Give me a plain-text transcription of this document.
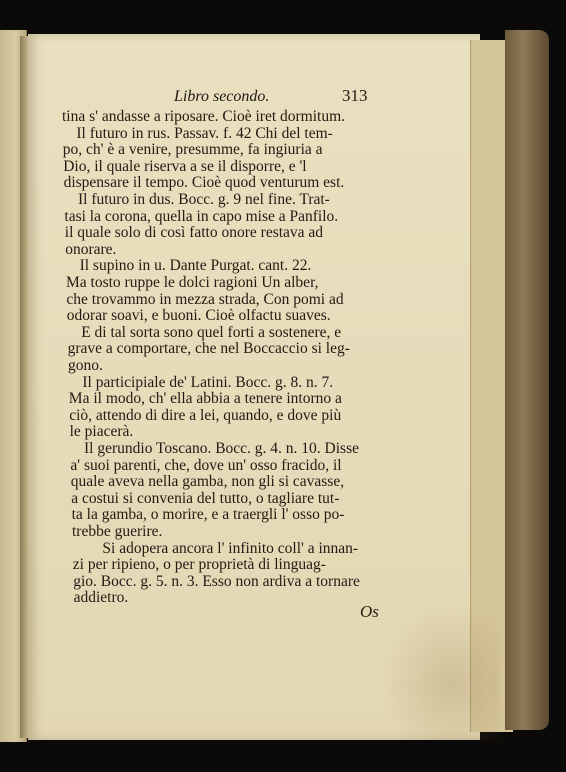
Libro secondo.	313
tina s' andasse a riposare. Cioè iret dormitum.
Il futuro in rus. Passav. f. 42 Chi del tem-
po, ch' è a venire, presumme, fa ingiuria a
Dio, il quale riserva a se il disporre, e 'l
dispensare il tempo. Cioè quod venturum est.
Il futuro in dus. Bocc. g. 9 nel fine. Trat-
tasi la corona, quella in capo mise a Panfilo.
il quale solo di così fatto onore restava ad
onorare.
Il supino in u. Dante Purgat. cant. 22.
Ma tosto ruppe le dolci ragioni Un alber,
che trovammo in mezza strada, Con pomi ad
odorar soavi, e buoni. Cioè olfactu suaves.
E di tal sorta sono quel forti a sostenere, e
grave a comportare, che nel Boccaccio si leg-
gono.
Il participiale de' Latini. Bocc. g. 8. n. 7.
Ma il modo, ch' ella abbia a tenere intorno a
ciò, attendo di dire a lei, quando, e dove più
le piacerà.
Il gerundio Toscano. Bocc. g. 4. n. 10. Disse
a' suoi parenti, che, dove un' osso fracido, il
quale aveva nella gamba, non gli si cavasse,
a costui si convenia del tutto, o tagliare tut-
ta la gamba, o morire, e a traergli l' osso po-
trebbe guerire.
Si adopera ancora l' infinito coll' a innan-
zi per ripieno, o per proprietà di linguag-
gio. Bocc. g. 5. n. 3. Esso non ardiva a tornare
addietro.
Os
